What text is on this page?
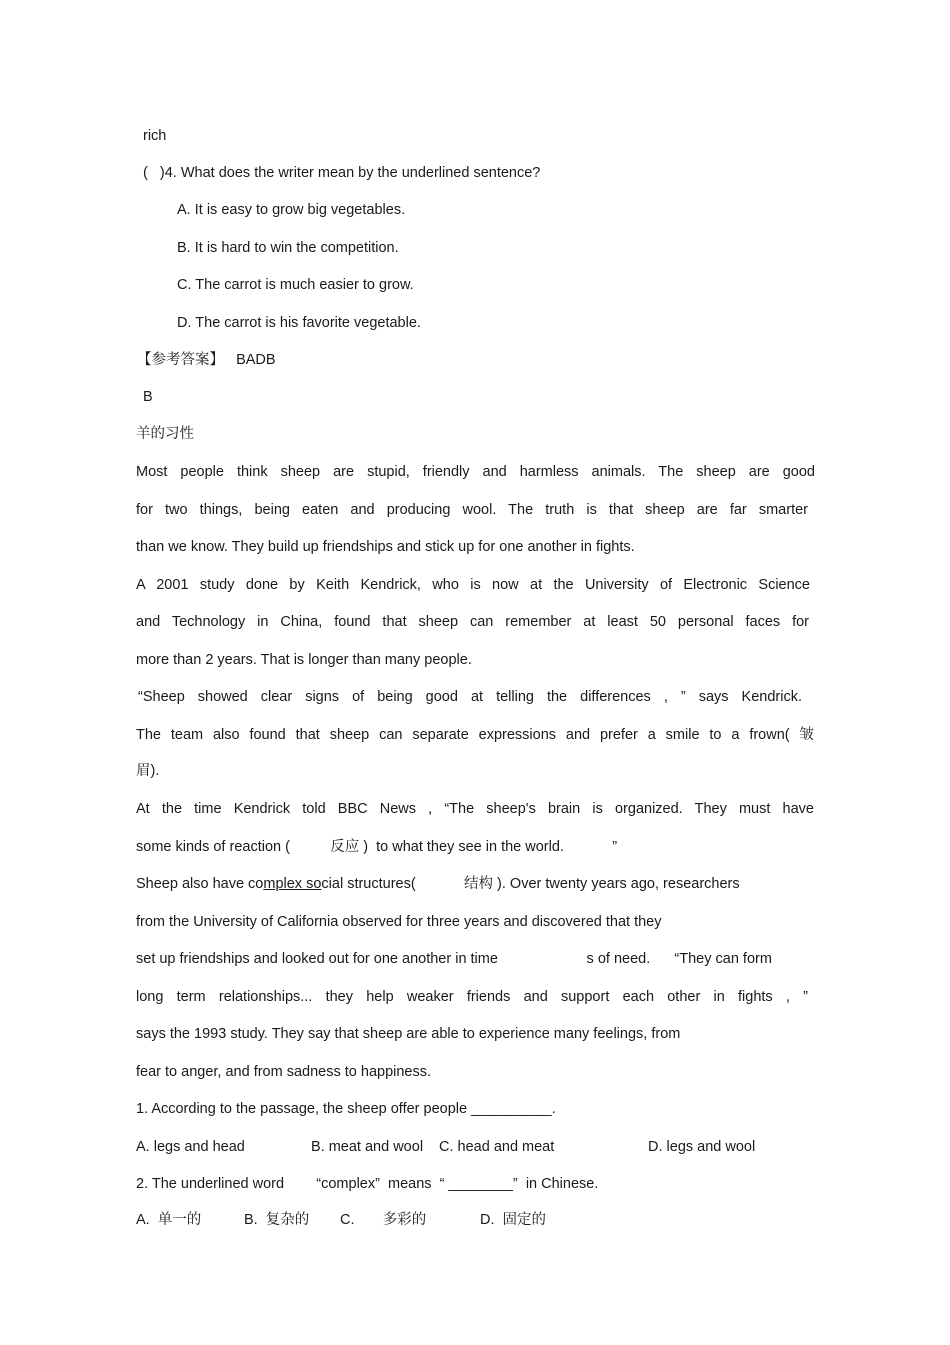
rich
(   )4. What does the writer mean by the underlined sentence?
A. It is easy to grow big vegetables.
B. It is hard to win the competition.
C. The carrot is much easier to grow.
D. The carrot is his favorite vegetable.
【参考答案】 BADB
B
羊的习性
Most people think sheep are stupid, friendly and harmless animals. The sheep are good
for two things, being eaten and producing wool. The truth is that sheep are far smarter
than we know. They build up friendships and stick up for one another in fights.
A 2001 study done by Keith Kendrick, who is now at the University of Electronic Science
and Technology in China, found that sheep can remember at least 50 personal faces for
more than 2 years. That is longer than many people.
“Sheep showed clear signs of being good at telling the differences , ” says Kendrick.
The team also found that sheep can separate expressions and prefer a smile to a frown( 皱
眉).
At the time Kendrick told BBC News , “The sheep's brain is organized. They must have
some kinds of reaction (          反应 )  to what they see in the world.            ”
Sheep also have complex social structures(            结构 ). Over twenty years ago, researchers
from the University of California observed for three years and discovered that they
set up friendships and looked out for one another in time                      s of need.      “They can form
long term relationships... they help weaker friends and support each other in fights , ”
says the 1993 study. They say that sheep are able to experience many feelings, from
fear to anger, and from sadness to happiness.
1. According to the passage, the sheep offer people __________.
A. legs and head	B. meat and wool C. head and meat	D. legs and wool
2. The underlined word        “complex”  means  “ ________”  in Chinese.
A.  单一的	B.  复杂的 C.       多彩的	D.  固定的
